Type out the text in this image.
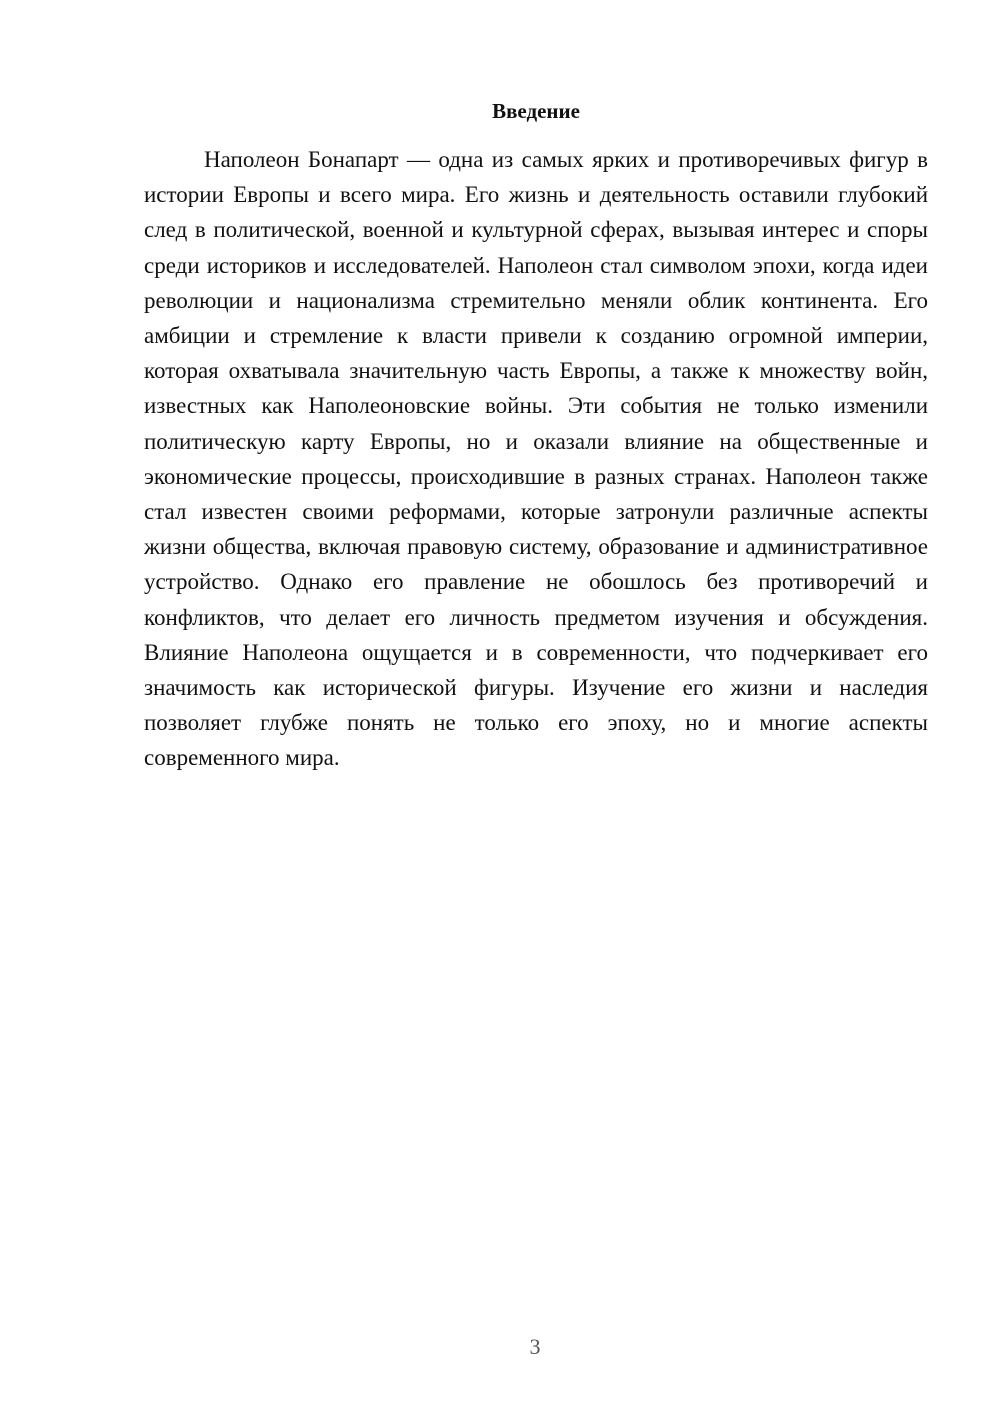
Введение

Наполеон Бонапарт — одна из самых ярких и противоречивых фигур в истории Европы и всего мира. Его жизнь и деятельность оставили глубокий след в политической, военной и культурной сферах, вызывая интерес и споры среди историков и исследователей. Наполеон стал символом эпохи, когда идеи революции и национализма стремительно меняли облик континента. Его амбиции и стремление к власти привели к созданию огромной империи, которая охватывала значительную часть Европы, а также к множеству войн, известных как Наполеоновские войны. Эти события не только изменили политическую карту Европы, но и оказали влияние на общественные и экономические процессы, происходившие в разных странах. Наполеон также стал известен своими реформами, которые затронули различные аспекты жизни общества, включая правовую систему, образование и административное устройство. Однако его правление не обошлось без противоречий и конфликтов, что делает его личность предметом изучения и обсуждения. Влияние Наполеона ощущается и в современности, что подчеркивает его значимость как исторической фигуры. Изучение его жизни и наследия позволяет глубже понять не только его эпоху, но и многие аспекты современного мира.

3
